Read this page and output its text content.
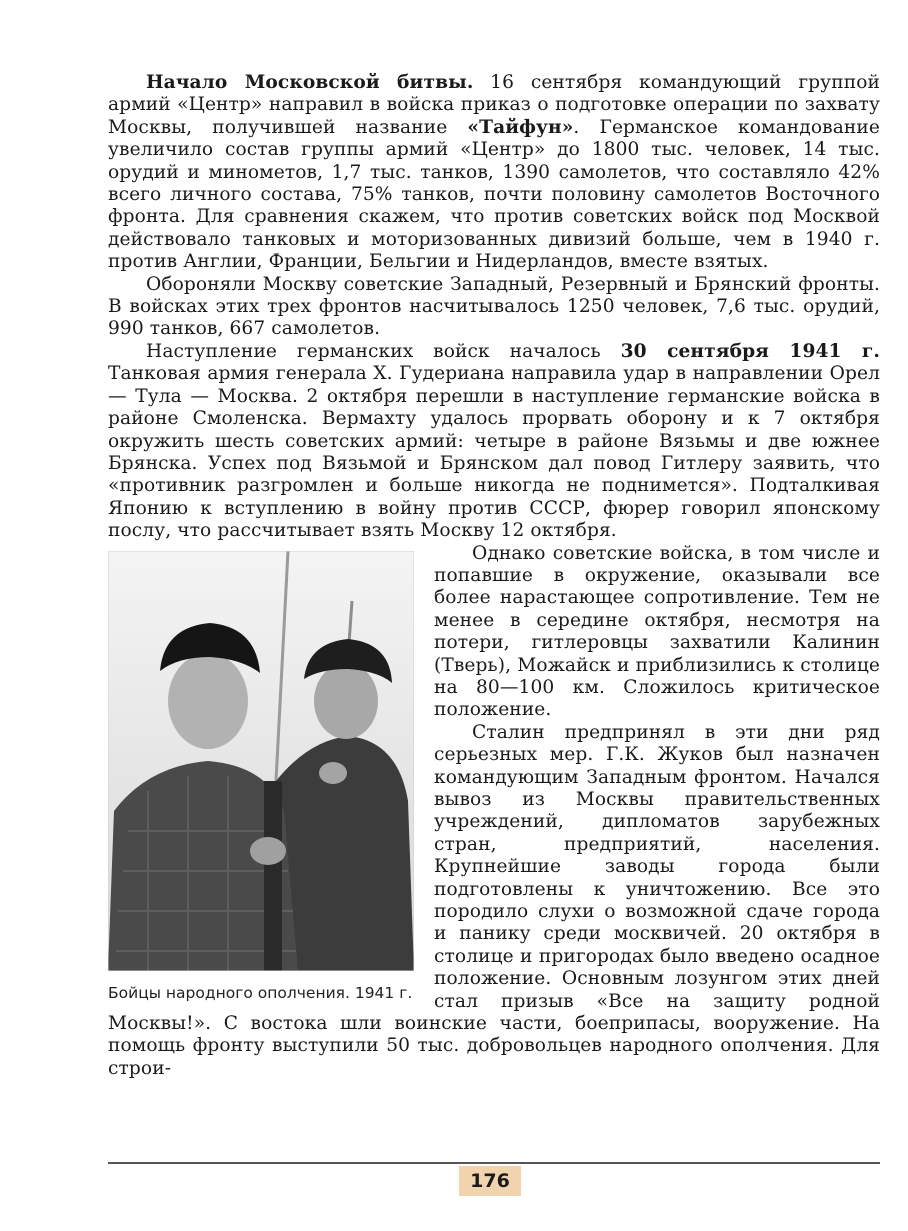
Начало Московской битвы. 16 сентября командующий группой армий «Центр» направил в войска приказ о подготовке операции по захвату Москвы, получившей название «Тайфун». Германское командование увеличило состав группы армий «Центр» до 1800 тыс. человек, 14 тыс. орудий и минометов, 1,7 тыс. танков, 1390 самолетов, что составляло 42% всего личного состава, 75% танков, почти половину самолетов Восточного фронта. Для сравнения скажем, что против советских войск под Москвой действовало танковых и моторизованных дивизий больше, чем в 1940 г. против Англии, Франции, Бельгии и Нидерландов, вместе взятых.

Обороняли Москву советские Западный, Резервный и Брянский фронты. В войсках этих трех фронтов насчитывалось 1250 человек, 7,6 тыс. орудий, 990 танков, 667 самолетов.

Наступление германских войск началось 30 сентября 1941 г. Танковая армия генерала Х. Гудериана направила удар в направлении Орел — Тула — Москва. 2 октября перешли в наступление германские войска в районе Смоленска. Вермахту удалось прорвать оборону и к 7 октября окружить шесть советских армий: четыре в районе Вязьмы и две южнее Брянска. Успех под Вязьмой и Брянском дал повод Гитлеру заявить, что «противник разгромлен и больше никогда не поднимется». Подталкивая Японию к вступлению в войну против СССР, фюрер говорил японскому послу, что рассчитывает взять Москву 12 октября.

Бойцы народного ополчения. 1941 г.

Однако советские войска, в том числе и попавшие в окружение, оказывали все более нарастающее сопротивление. Тем не менее в середине октября, несмотря на потери, гитлеровцы захватили Калинин (Тверь), Можайск и приблизились к столице на 80—100 км. Сложилось критическое положение.

Сталин предпринял в эти дни ряд серьезных мер. Г.К. Жуков был назначен командующим Западным фронтом. Начался вывоз из Москвы правительственных учреждений, дипломатов зарубежных стран, предприятий, населения. Крупнейшие заводы города были подготовлены к уничтожению. Все это породило слухи о возможной сдаче города и панику среди москвичей. 20 октября в столице и пригородах было введено осадное положение. Основным лозунгом этих дней стал призыв «Все на защиту родной Москвы!». С востока шли воинские части, боеприпасы, вооружение. На помощь фронту выступили 50 тыс. добровольцев народного ополчения. Для строи-

176
